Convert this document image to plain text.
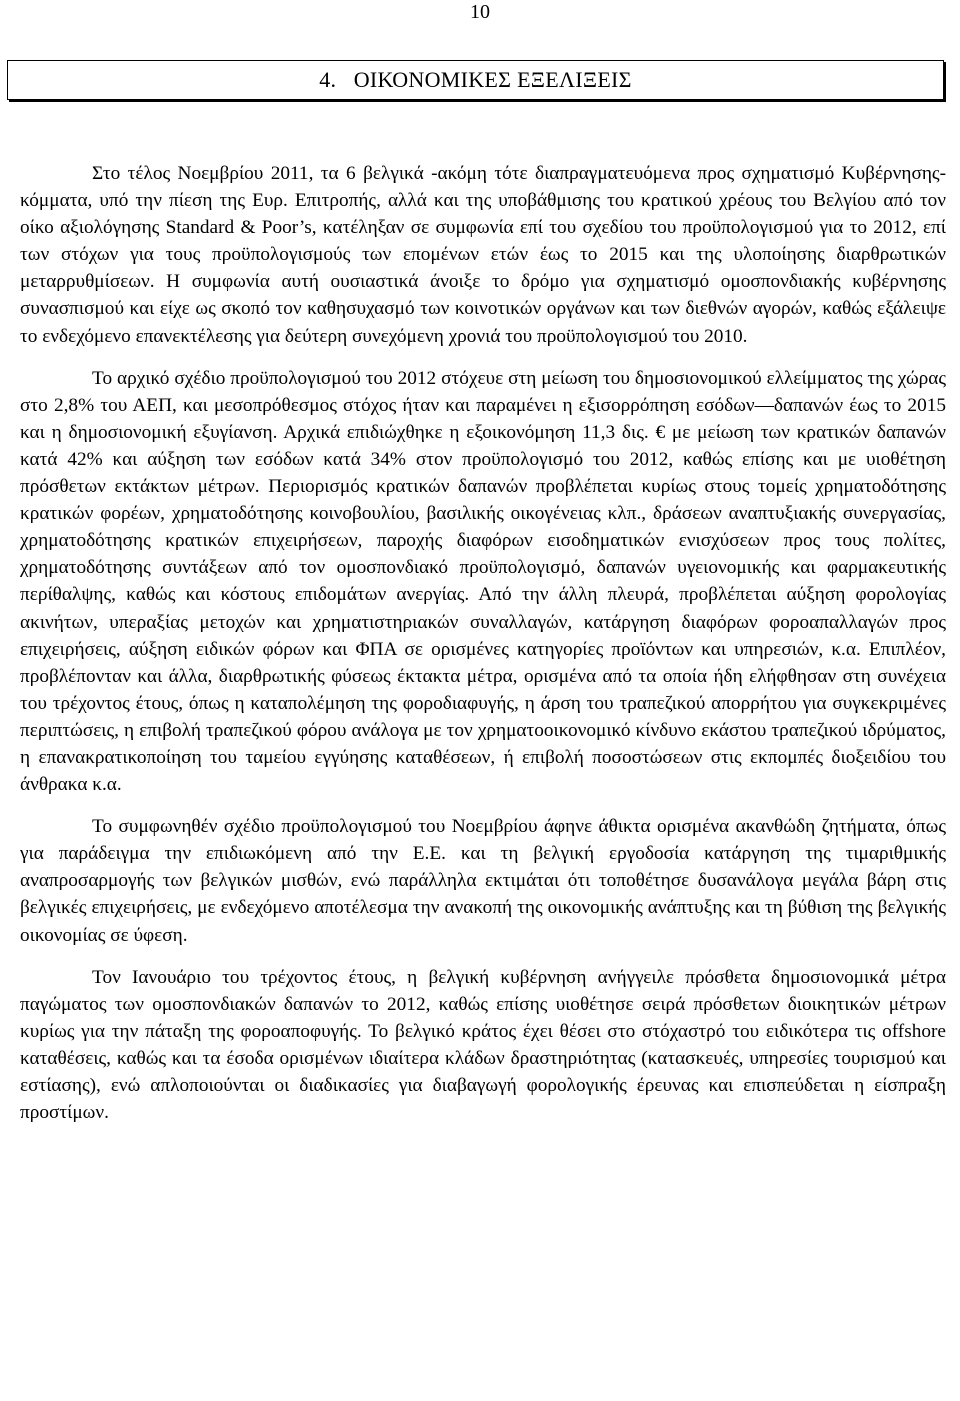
10
4.   ΟΙΚΟΝΟΜΙΚΕΣ ΕΞΕΛΙΞΕΙΣ

Στο τέλος Νοεμβρίου 2011, τα 6 βελγικά -ακόμη τότε διαπραγματευόμενα προς σχηματισμό Κυβέρνησης- κόμματα, υπό την πίεση της Ευρ. Επιτροπής, αλλά και της υποβάθμισης του κρατικού χρέους του Βελγίου από τον οίκο αξιολόγησης Standard & Poor’s, κατέληξαν σε συμφωνία επί του σχεδίου του προϋπολογισμού για το 2012, επί των στόχων για τους προϋπολογισμούς των επομένων ετών έως το 2015 και της υλοποίησης διαρθρωτικών μεταρρυθμίσεων. Η συμφωνία αυτή ουσιαστικά άνοιξε το δρόμο για σχηματισμό ομοσπονδιακής κυβέρνησης συνασπισμού και είχε ως σκοπό τον καθησυχασμό των κοινοτικών οργάνων και των διεθνών αγορών, καθώς εξάλειψε το ενδεχόμενο επανεκτέλεσης για δεύτερη συνεχόμενη χρονιά του προϋπολογισμού του 2010.

Το αρχικό σχέδιο προϋπολογισμού του 2012 στόχευε στη μείωση του δημοσιονομικού ελλείμματος της χώρας στο 2,8% του ΑΕΠ, και μεσοπρόθεσμος στόχος ήταν και παραμένει η εξισορρόπηση εσόδων—δαπανών έως το 2015 και η δημοσιονομική εξυγίανση. Αρχικά επιδιώχθηκε η εξοικονόμηση 11,3 δις. € με μείωση των κρατικών δαπανών κατά 42% και αύξηση των εσόδων κατά 34% στον προϋπολογισμό του 2012, καθώς επίσης και με υιοθέτηση πρόσθετων εκτάκτων μέτρων. Περιορισμός κρατικών δαπανών προβλέπεται κυρίως στους τομείς χρηματοδότησης κρατικών φορέων, χρηματοδότησης κοινοβουλίου, βασιλικής οικογένειας κλπ., δράσεων αναπτυξιακής συνεργασίας, χρηματοδότησης κρατικών επιχειρήσεων, παροχής διαφόρων εισοδηματικών ενισχύσεων προς τους πολίτες, χρηματοδότησης συντάξεων από τον ομοσπονδιακό προϋπολογισμό, δαπανών υγειονομικής και φαρμακευτικής περίθαλψης, καθώς και κόστους επιδομάτων ανεργίας. Από την άλλη πλευρά, προβλέπεται αύξηση φορολογίας ακινήτων, υπεραξίας μετοχών και χρηματιστηριακών συναλλαγών, κατάργηση διαφόρων φοροαπαλλαγών προς επιχειρήσεις, αύξηση ειδικών φόρων και ΦΠΑ σε ορισμένες κατηγορίες προϊόντων και υπηρεσιών, κ.α. Επιπλέον, προβλέπονταν και άλλα, διαρθρωτικής φύσεως έκτακτα μέτρα, ορισμένα από τα οποία ήδη ελήφθησαν στη συνέχεια του τρέχοντος έτους, όπως η καταπολέμηση της φοροδιαφυγής, η άρση του τραπεζικού απορρήτου για συγκεκριμένες περιπτώσεις, η επιβολή τραπεζικού φόρου ανάλογα με τον χρηματοοικονομικό κίνδυνο εκάστου τραπεζικού ιδρύματος, η επανακρατικοποίηση του ταμείου εγγύησης καταθέσεων, ή επιβολή ποσοστώσεων στις εκπομπές διοξειδίου του άνθρακα κ.α.

Το συμφωνηθέν σχέδιο προϋπολογισμού του Νοεμβρίου άφηνε άθικτα ορισμένα ακανθώδη ζητήματα, όπως για παράδειγμα την επιδιωκόμενη από την Ε.Ε. και τη βελγική εργοδοσία κατάργηση της τιμαριθμικής αναπροσαρμογής των βελγικών μισθών, ενώ παράλληλα εκτιμάται ότι τοποθέτησε δυσανάλογα μεγάλα βάρη στις βελγικές επιχειρήσεις, με ενδεχόμενο αποτέλεσμα την ανακοπή της οικονομικής ανάπτυξης και τη βύθιση της βελγικής οικονομίας σε ύφεση.

Τον Ιανουάριο του τρέχοντος έτους, η βελγική κυβέρνηση ανήγγειλε πρόσθετα δημοσιονομικά μέτρα παγώματος των ομοσπονδιακών δαπανών το 2012, καθώς επίσης υιοθέτησε σειρά πρόσθετων διοικητικών μέτρων κυρίως για την πάταξη της φοροαποφυγής. Το βελγικό κράτος έχει θέσει στο στόχαστρό του ειδικότερα τις offshore καταθέσεις, καθώς και τα έσοδα ορισμένων ιδιαίτερα κλάδων δραστηριότητας (κατασκευές, υπηρεσίες τουρισμού και εστίασης), ενώ απλοποιούνται οι διαδικασίες για διαβαγωγή φορολογικής έρευνας και επισπεύδεται η είσπραξη προστίμων.
